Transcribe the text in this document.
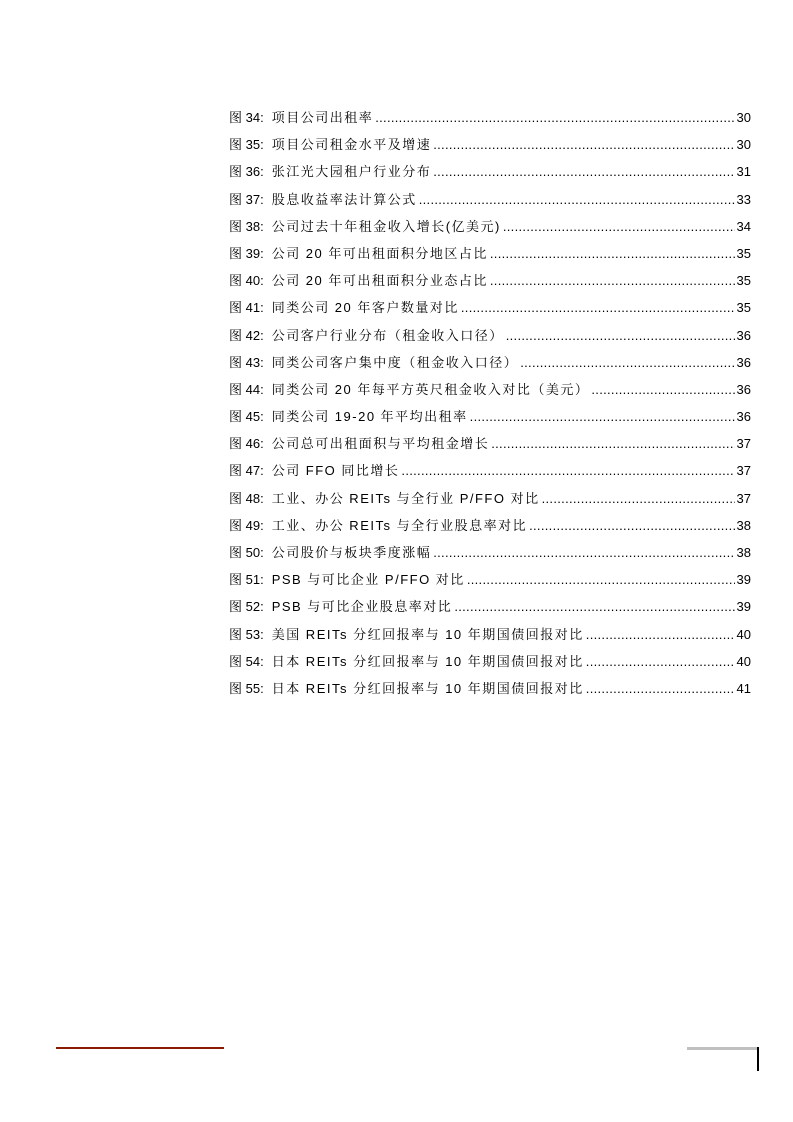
图 34: 项目公司出租率 .....	30
图 35: 项目公司租金水平及增速 .....	30
图 36: 张江光大园租户行业分布 .....	31
图 37: 股息收益率法计算公式 .....	33
图 38: 公司过去十年租金收入增长(亿美元) .....	34
图 39: 公司 20 年可出租面积分地区占比 .....	35
图 40: 公司 20 年可出租面积分业态占比 .....	35
图 41: 同类公司 20 年客户数量对比 .....	35
图 42: 公司客户行业分布（租金收入口径） .....	36
图 43: 同类公司客户集中度（租金收入口径） .....	36
图 44: 同类公司 20 年每平方英尺租金收入对比（美元） .....	36
图 45: 同类公司 19-20 年平均出租率 .....	36
图 46: 公司总可出租面积与平均租金增长 .....	37
图 47: 公司 FFO 同比增长 .....	37
图 48: 工业、办公 REITs 与全行业 P/FFO 对比 .....	37
图 49: 工业、办公 REITs 与全行业股息率对比 .....	38
图 50: 公司股价与板块季度涨幅 .....	38
图 51: PSB 与可比企业 P/FFO 对比 .....	39
图 52: PSB 与可比企业股息率对比 .....	39
图 53: 美国 REITs 分红回报率与 10 年期国债回报对比 .....	40
图 54: 日本 REITs 分红回报率与 10 年期国债回报对比 .....	40
图 55: 日本 REITs 分红回报率与 10 年期国债回报对比 .....	41
